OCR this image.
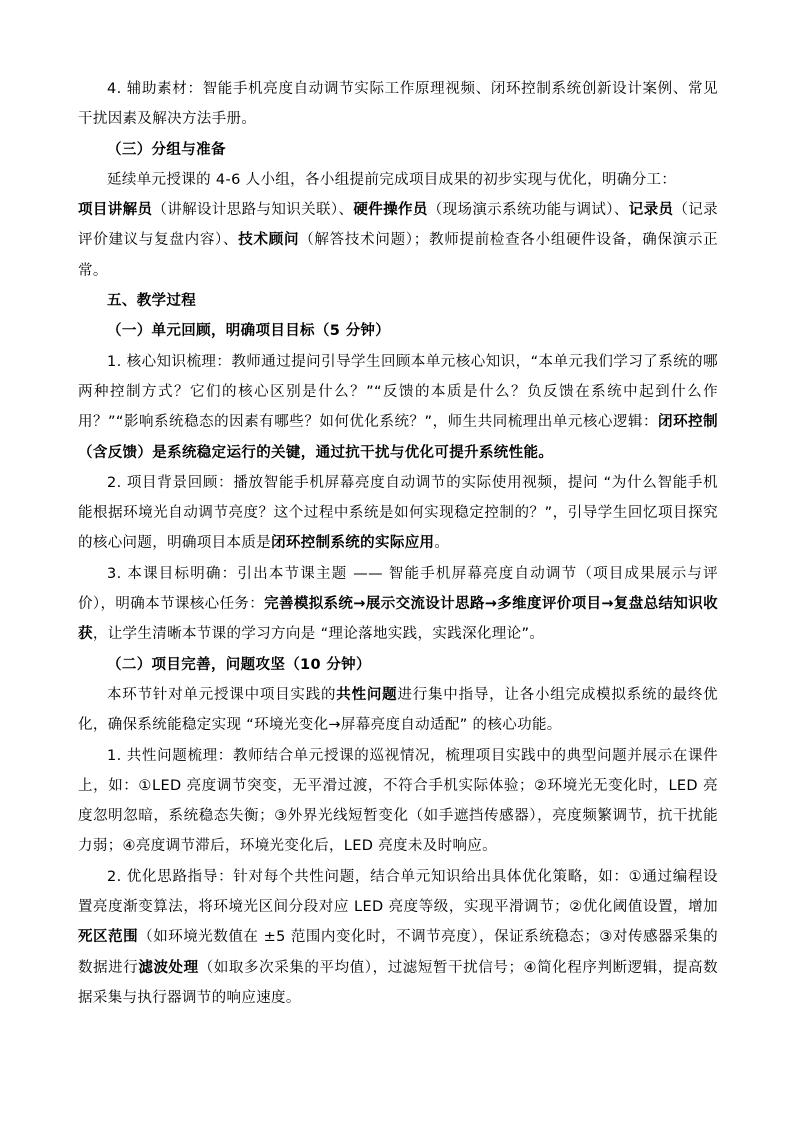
4. 辅助素材：智能手机亮度自动调节实际工作原理视频、闭环控制系统创新设计案例、常见干扰因素及解决方法手册。

（三）分组与准备

延续单元授课的 4-6 人小组，各小组提前完成项目成果的初步实现与优化，明确分工：

项目讲解员（讲解设计思路与知识关联）、硬件操作员（现场演示系统功能与调试）、记录员（记录评价建议与复盘内容）、技术顾问（解答技术问题）；教师提前检查各小组硬件设备，确保演示正常。

五、教学过程

（一）单元回顾，明确项目目标（5 分钟）

1. 核心知识梳理：教师通过提问引导学生回顾本单元核心知识，“本单元我们学习了系统的哪两种控制方式？它们的核心区别是什么？”“反馈的本质是什么？负反馈在系统中起到什么作用？”“影响系统稳态的因素有哪些？如何优化系统？”，师生共同梳理出单元核心逻辑：闭环控制（含反馈）是系统稳定运行的关键，通过抗干扰与优化可提升系统性能。

2. 项目背景回顾：播放智能手机屏幕亮度自动调节的实际使用视频，提问 “为什么智能手机能根据环境光自动调节亮度？这个过程中系统是如何实现稳定控制的？”，引导学生回忆项目探究的核心问题，明确项目本质是闭环控制系统的实际应用。

3. 本课目标明确：引出本节课主题 —— 智能手机屏幕亮度自动调节（项目成果展示与评价），明确本节课核心任务：完善模拟系统→展示交流设计思路→多维度评价项目→复盘总结知识收获，让学生清晰本节课的学习方向是 “理论落地实践，实践深化理论”。

（二）项目完善，问题攻坚（10 分钟）

本环节针对单元授课中项目实践的共性问题进行集中指导，让各小组完成模拟系统的最终优化，确保系统能稳定实现 “环境光变化→屏幕亮度自动适配” 的核心功能。

1. 共性问题梳理：教师结合单元授课的巡视情况，梳理项目实践中的典型问题并展示在课件上，如：①LED 亮度调节突变，无平滑过渡，不符合手机实际体验；②环境光无变化时，LED 亮度忽明忽暗，系统稳态失衡；③外界光线短暂变化（如手遮挡传感器），亮度频繁调节，抗干扰能力弱；④亮度调节滞后，环境光变化后，LED 亮度未及时响应。

2. 优化思路指导：针对每个共性问题，结合单元知识给出具体优化策略，如：①通过编程设置亮度渐变算法，将环境光区间分段对应 LED 亮度等级，实现平滑调节；②优化阈值设置，增加死区范围（如环境光数值在 ±5 范围内变化时，不调节亮度），保证系统稳态；③对传感器采集的数据进行滤波处理（如取多次采集的平均值），过滤短暂干扰信号；④简化程序判断逻辑，提高数据采集与执行器调节的响应速度。
